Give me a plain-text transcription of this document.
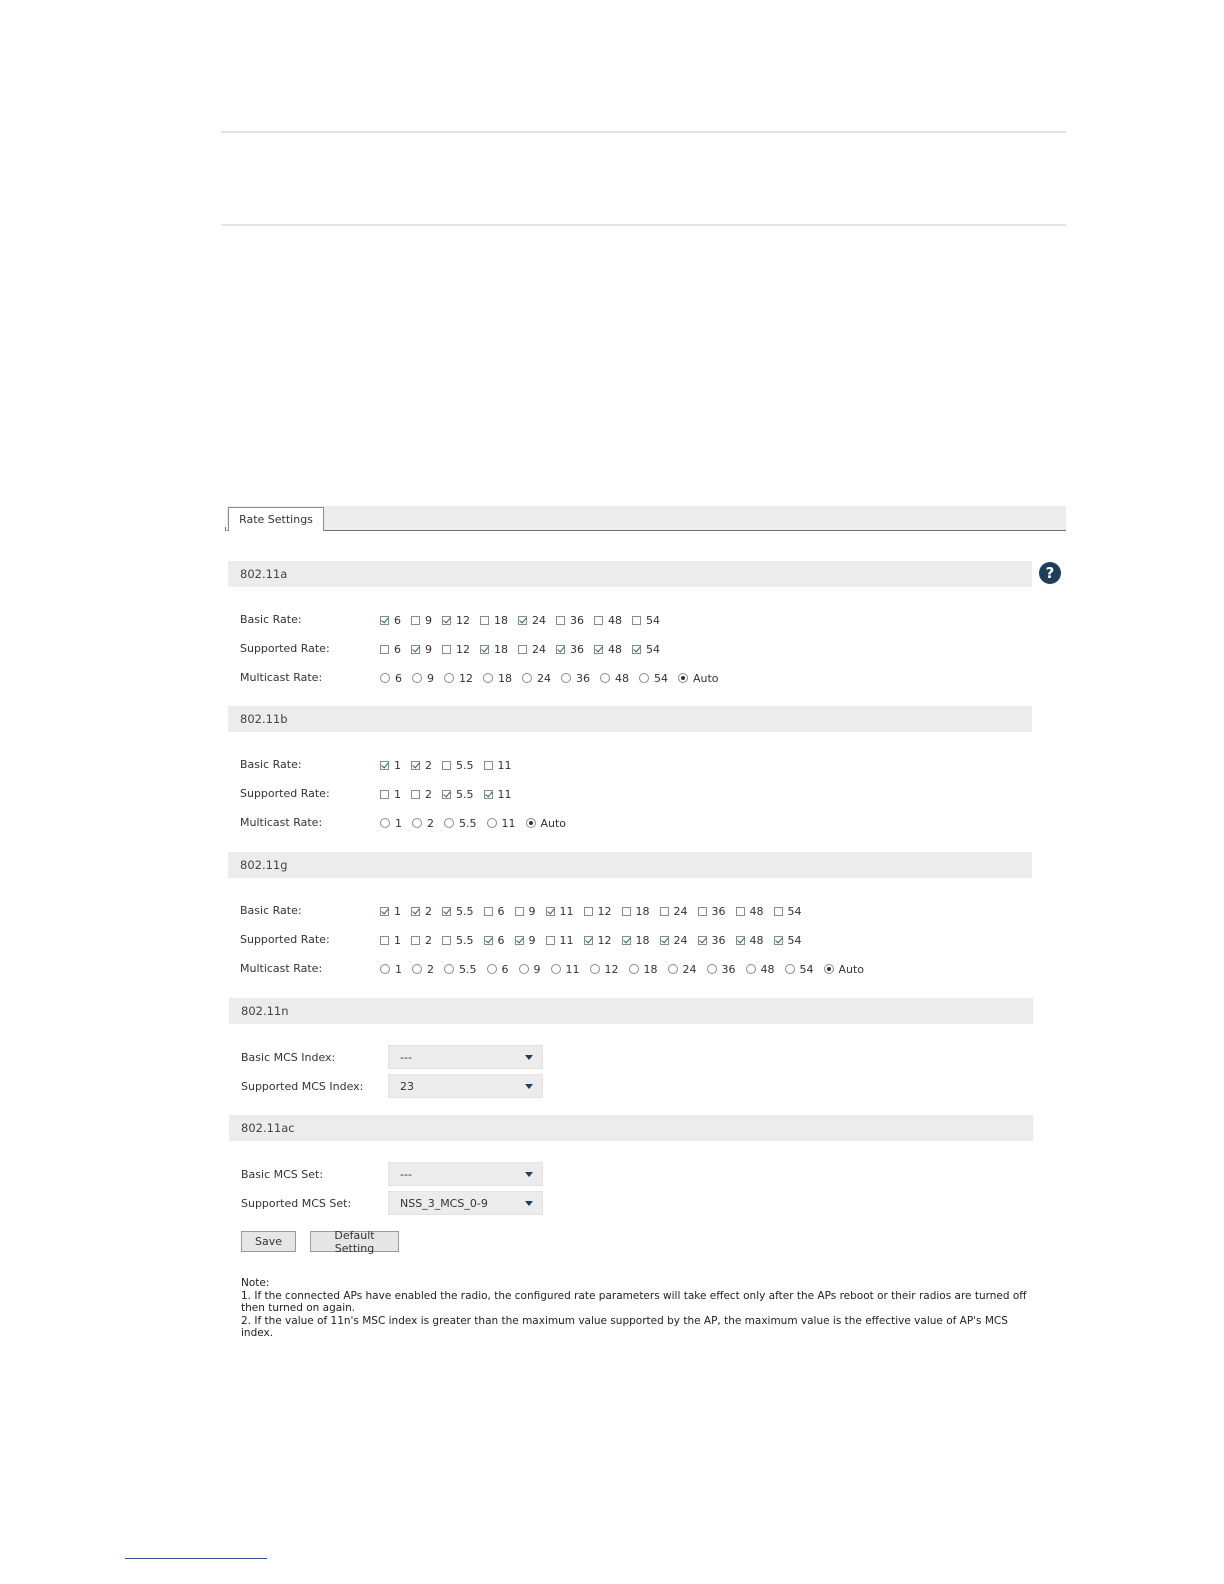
Rate Settings
802.11a	?
Basic Rate:	6 9 12 18 24 36 48 54
Supported Rate:	6 9 12 18 24 36 48 54
Multicast Rate:	6 9 12 18 24 36 48 54 Auto
802.11b
Basic Rate:	1 2 5.5 11
Supported Rate:	1 2 5.5 11
Multicast Rate:	1 2 5.5 11 Auto
802.11g
Basic Rate:	1 2 5.5 6 9 11 12 18 24 36 48 54
Supported Rate:	1 2 5.5 6 9 11 12 18 24 36 48 54
Multicast Rate:	1 2 5.5 6 9 11 12 18 24 36 48 54 Auto
802.11n
Basic MCS Index:	---
Supported MCS Index:	23
802.11ac
Basic MCS Set:	---
Supported MCS Set:	NSS_3_MCS_0-9
Save	Default Setting
Note:
1. If the connected APs have enabled the radio, the configured rate parameters will take effect only after the APs reboot or their radios are turned off then turned on again.
2. If the value of 11n's MSC index is greater than the maximum value supported by the AP, the maximum value is the effective value of AP's MCS index.
